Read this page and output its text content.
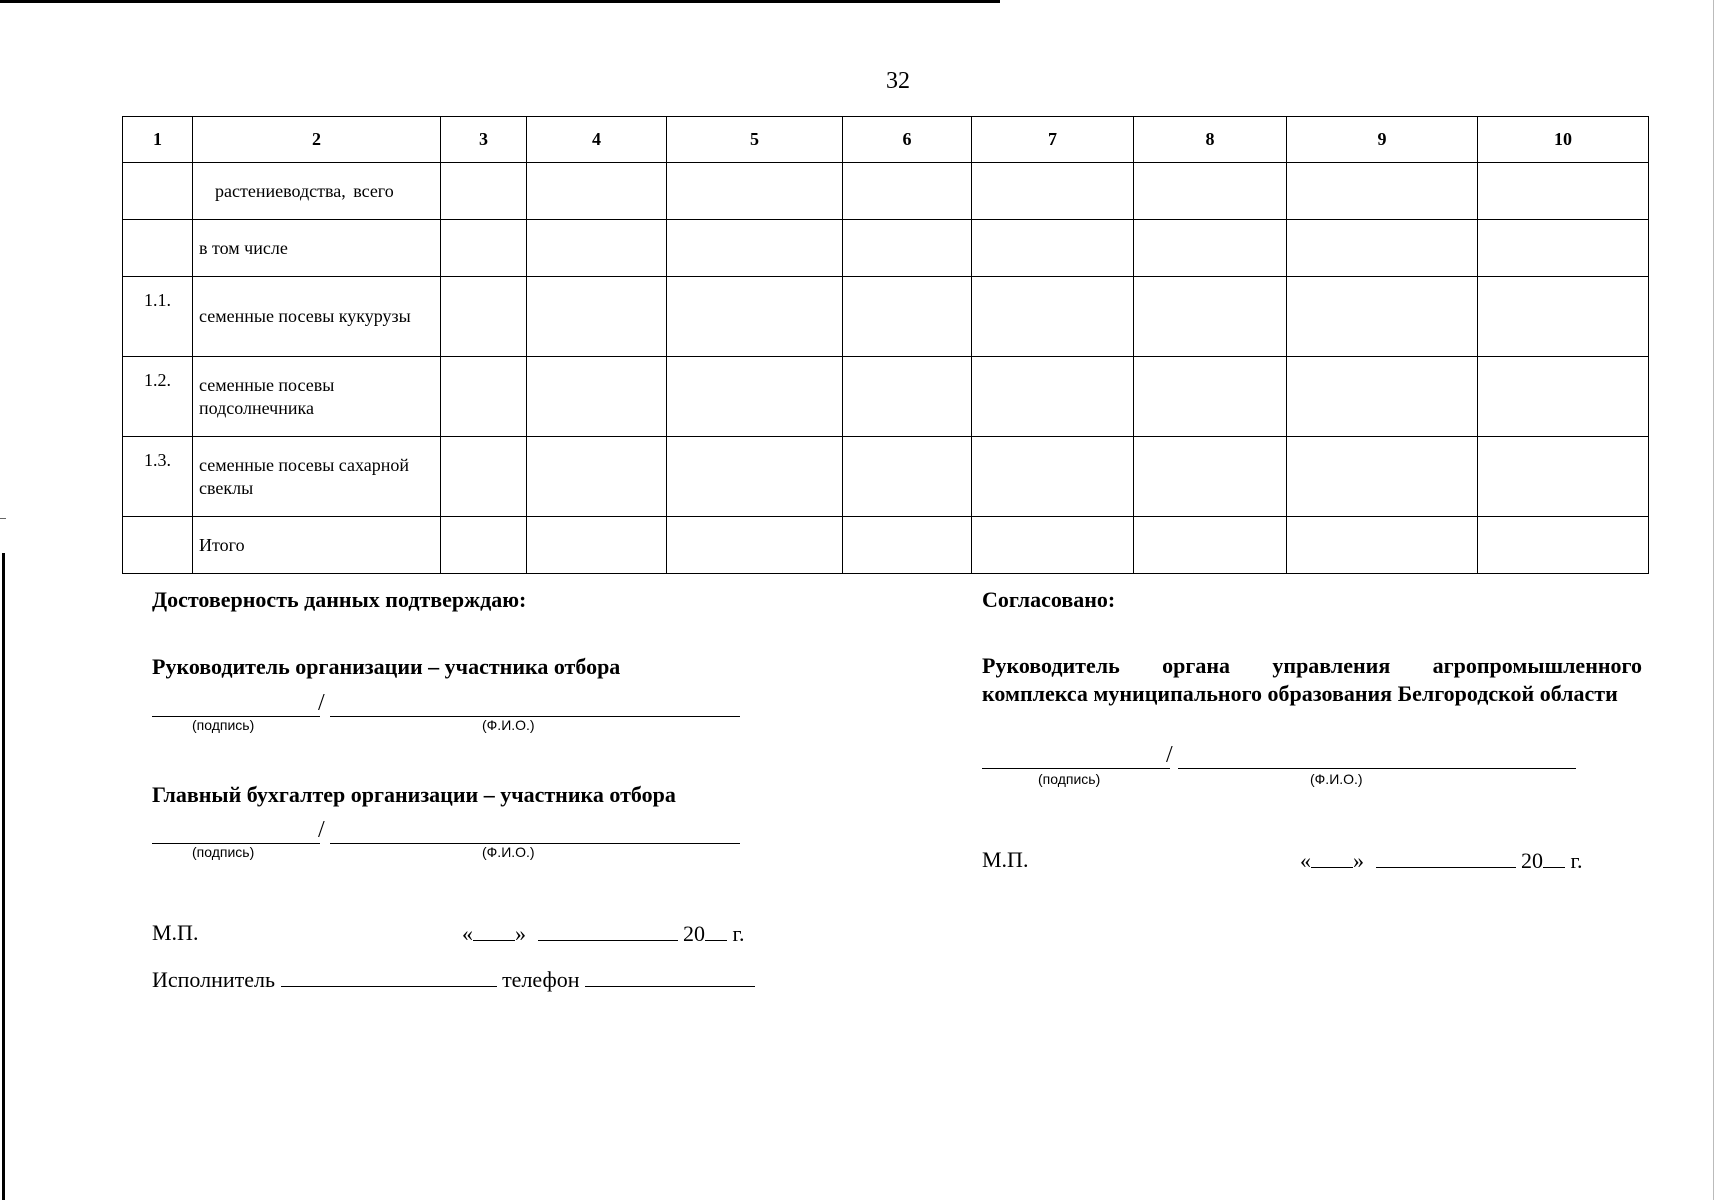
32
1	2	3	4	5	6	7	8	9	10
	растениеводства, всего								
	в том числе								
1.1.	семенные посевы кукурузы								
1.2.	семенные посевы подсолнечника								
1.3.	семенные посевы сахарной свеклы								
	Итого								
Достоверность данных подтверждаю:
Руководитель организации – участника отбора
/
(подпись)	(Ф.И.О.)
Главный бухгалтер организации – участника отбора
/
(подпись)	(Ф.И.О.)
М.П.	« »	20 г.
Исполнитель	телефон
Согласовано:
Руководитель органа управления агропромышленного комплекса муниципального образования Белгородской области
/
(подпись)	(Ф.И.О.)
М.П.	« »	20 г.
